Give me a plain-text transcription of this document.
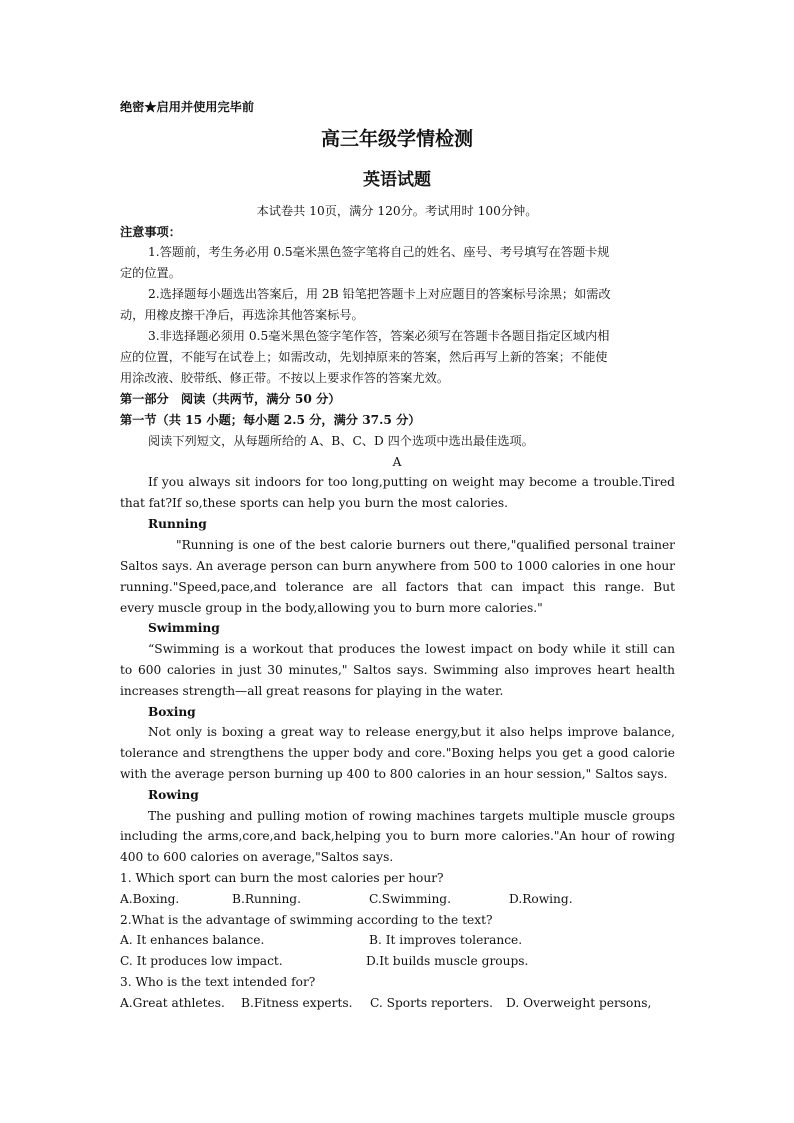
绝密★启用并使用完毕前
高三年级学情检测
英语试题
本试卷共 10页，满分 120分。考试用时 100分钟。
注意事项：
1.答题前，考生务必用 0.5毫米黑色签字笔将自己的姓名、座号、考号填写在答题卡规
定的位置。
2.选择题每小题选出答案后，用 2B 铅笔把答题卡上对应题目的答案标号涂黑；如需改
动，用橡皮擦干净后，再选涂其他答案标号。
3.非选择题必须用 0.5毫米黑色签字笔作答，答案必须写在答题卡各题目指定区域内相
应的位置，不能写在试卷上；如需改动，先划掉原来的答案，然后再写上新的答案；不能使
用涂改液、胶带纸、修正带。不按以上要求作答的答案尤效。
第一部分　阅读（共两节，满分 50 分）
第一节（共 15 小题；每小题 2.5 分，满分 37.5 分）
阅读下列短文，从每题所给的 A、B、C、D 四个选项中选出最佳选项。
A
If you always sit indoors for too long,putting on weight may become a trouble.Tired
that fat?If so,these sports can help you burn the most calories.
Running
"Running is one of the best calorie burners out there,"qualified personal trainer
Saltos says. An average person can burn anywhere from 500 to 1000 calories in one hour
running."Speed,pace,and tolerance are all factors that can impact this range. But
every muscle group in the body,allowing you to burn more calories."
Swimming
“Swimming is a workout that produces the lowest impact on body while it still can
to 600 calories in just 30 minutes," Saltos says. Swimming also improves heart health
increases strength—all great reasons for playing in the water.
Boxing
Not only is boxing a great way to release energy,but it also helps improve balance,
tolerance and strengthens the upper body and core."Boxing helps you get a good calorie
with the average person burning up 400 to 800 calories in an hour session," Saltos says.
Rowing
The pushing and pulling motion of rowing machines targets multiple muscle groups
including the arms,core,and back,helping you to burn more calories."An hour of rowing
400 to 600 calories on average,"Saltos says.
1. Which sport can burn the most calories per hour?
A.Boxing.	B.Running.	C.Swimming.	D.Rowing.
2.What is the advantage of swimming according to the text?
A. It enhances balance.	B. It improves tolerance.
C. It produces low impact.	D.It builds muscle groups.
3. Who is the text intended for?
A.Great athletes. B.Fitness experts. C. Sports reporters. D. Overweight persons,
